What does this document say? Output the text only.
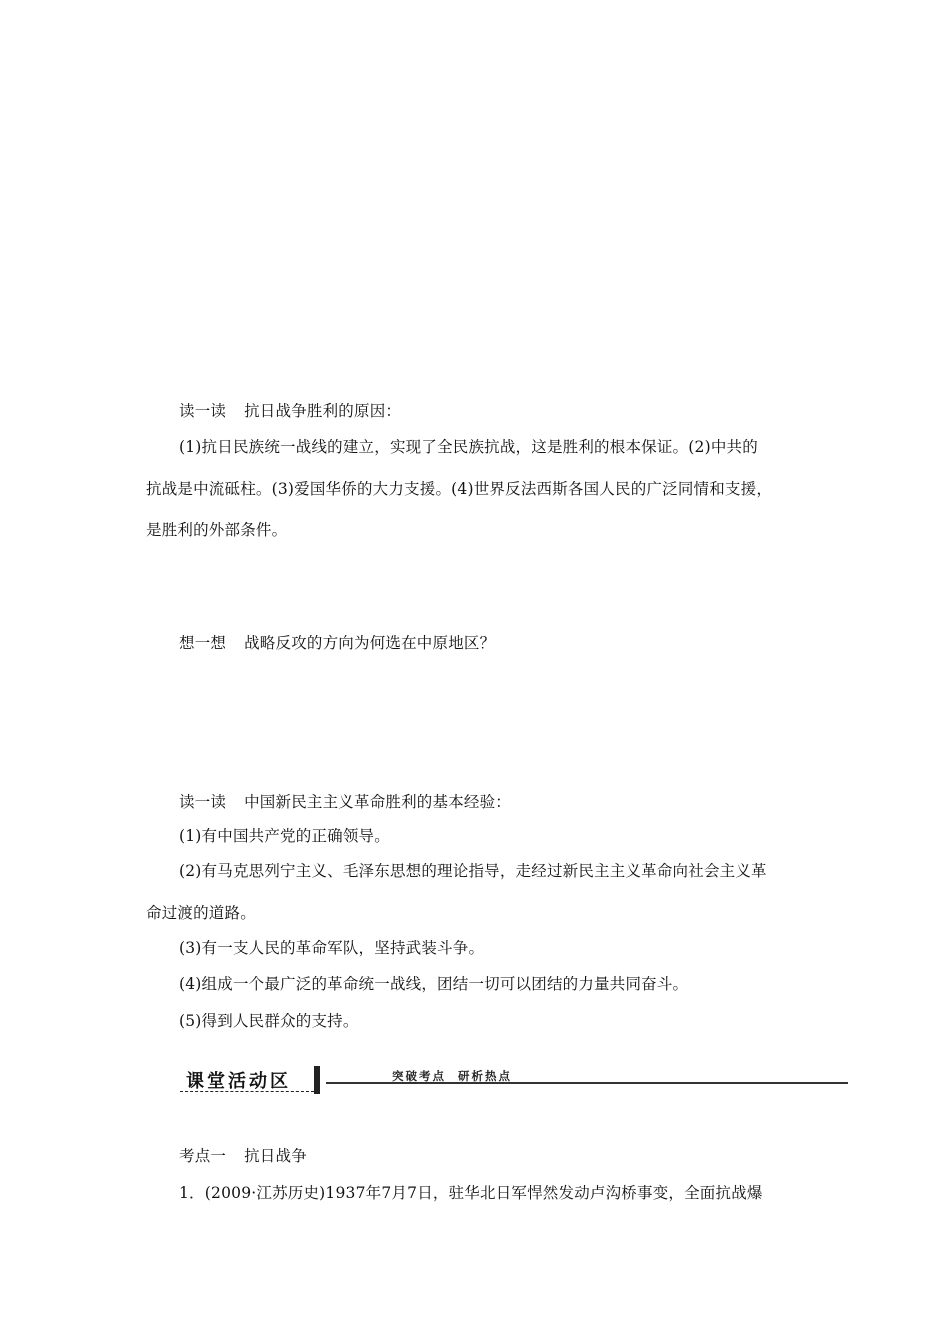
读一读 抗日战争胜利的原因：
(1)抗日民族统一战线的建立，实现了全民族抗战，这是胜利的根本保证。(2)中共的
抗战是中流砥柱。(3)爱国华侨的大力支援。(4)世界反法西斯各国人民的广泛同情和支援，
是胜利的外部条件。
想一想 战略反攻的方向为何选在中原地区？
读一读 中国新民主主义革命胜利的基本经验：
(1)有中国共产党的正确领导。
(2)有马克思列宁主义、毛泽东思想的理论指导，走经过新民主主义革命向社会主义革
命过渡的道路。
(3)有一支人民的革命军队，坚持武装斗争。
(4)组成一个最广泛的革命统一战线，团结一切可以团结的力量共同奋斗。
(5)得到人民群众的支持。
课堂活动区	突破考点 研析热点
考点一 抗日战争
1．(2009·江苏历史)1937年7月7日，驻华北日军悍然发动卢沟桥事变，全面抗战爆
